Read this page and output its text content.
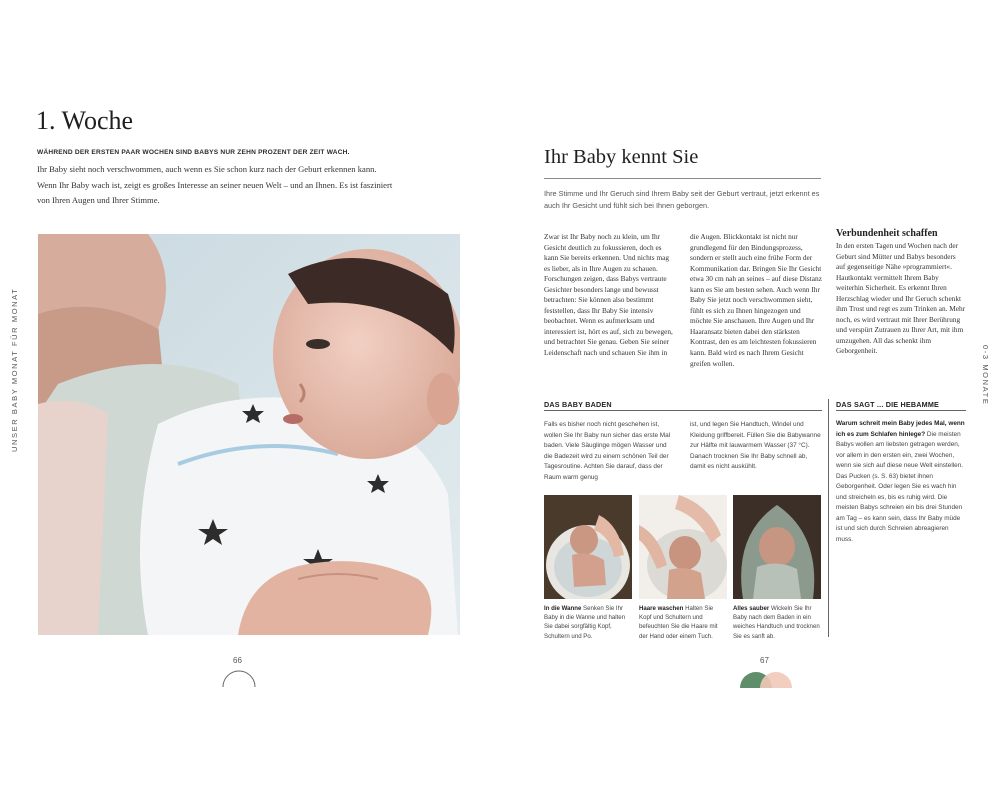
UNSER BABY MONAT FÜR MONAT	0-3 MONATE
1. Woche
WÄHREND DER ERSTEN PAAR WOCHEN SIND BABYS NUR ZEHN PROZENT DER ZEIT WACH.
Ihr Baby sieht noch verschwommen, auch wenn es Sie schon kurz nach der Geburt erkennen kann. Wenn Ihr Baby wach ist, zeigt es großes Interesse an seiner neuen Welt – und an Ihnen. Es ist fasziniert von Ihren Augen und Ihrer Stimme.
66
Ihr Baby kennt Sie
Ihre Stimme und Ihr Geruch sind Ihrem Baby seit der Geburt vertraut, jetzt erkennt es auch Ihr Gesicht und fühlt sich bei Ihnen geborgen.
Zwar ist Ihr Baby noch zu klein, um Ihr Gesicht deutlich zu fokussieren, doch es kann Sie bereits erkennen. Und nichts mag es lieber, als in Ihre Augen zu schauen. Forschungen zeigen, dass Babys vertraute Gesichter besonders lange und bewusst betrachten: Sie können also bestimmt feststellen, dass Ihr Baby Sie intensiv beobachtet. Wenn es aufmerksam und interessiert ist, hört es auf, sich zu bewegen, und betrachtet Sie genau. Geben Sie seiner Leidenschaft nach und schauen Sie ihm in
die Augen. Blickkontakt ist nicht nur grundlegend für den Bindungsprozess, sondern er stellt auch eine frühe Form der Kommunikation dar. Bringen Sie Ihr Gesicht etwa 30 cm nah an seines – auf diese Distanz kann es Sie am besten sehen. Auch wenn Ihr Baby Sie jetzt noch verschwommen sieht, fühlt es sich zu Ihnen hingezogen und möchte Sie anschauen. Ihre Augen und Ihr Haaransatz bieten dabei den stärksten Kontrast, den es am leichtesten fokussieren kann. Bald wird es nach Ihrem Gesicht greifen wollen.
Verbundenheit schaffen
In den ersten Tagen und Wochen nach der Geburt sind Mütter und Babys besonders auf gegenseitige Nähe »programmiert«. Hautkontakt vermittelt Ihrem Baby weiterhin Sicherheit. Es erkennt Ihren Herzschlag wieder und Ihr Geruch schenkt ihm Trost und regt es zum Trinken an. Mehr noch, es wird vertraut mit Ihrer Berührung und verspürt Zutrauen zu Ihrer Art, mit ihm umzugehen. All das schenkt ihm Geborgenheit.
DAS BABY BADEN	DAS SAGT ... DIE HEBAMME
Falls es bisher noch nicht geschehen ist, wollen Sie Ihr Baby nun sicher das erste Mal baden. Viele Säuglinge mögen Wasser und die Badezeit wird zu einem schönen Teil der Tagesroutine. Achten Sie darauf, dass der Raum warm genug
ist, und legen Sie Handtuch, Windel und Kleidung griffbereit. Füllen Sie die Babywanne zur Hälfte mit lauwarmem Wasser (37 °C). Danach trocknen Sie Ihr Baby schnell ab, damit es nicht auskühlt.
Warum schreit mein Baby jedes Mal, wenn ich es zum Schlafen hinlege? Die meisten Babys wollen am liebsten getragen werden, vor allem in den ersten ein, zwei Wochen, wenn sie sich auf diese neue Welt einstellen. Das Pucken (s. S. 63) bietet ihnen Geborgenheit. Oder legen Sie es wach hin und streicheln es, bis es ruhig wird. Die meisten Babys schreien ein bis drei Stunden am Tag – es kann sein, dass Ihr Baby müde ist und sich durch Schreien abreagieren muss.
In die Wanne Senken Sie Ihr Baby in die Wanne und halten Sie dabei sorgfältig Kopf, Schultern und Po.
Haare waschen Halten Sie Kopf und Schultern und befeuchten Sie die Haare mit der Hand oder einem Tuch.
Alles sauber Wickeln Sie Ihr Baby nach dem Baden in ein weiches Handtuch und trocknen Sie es sanft ab.
67
